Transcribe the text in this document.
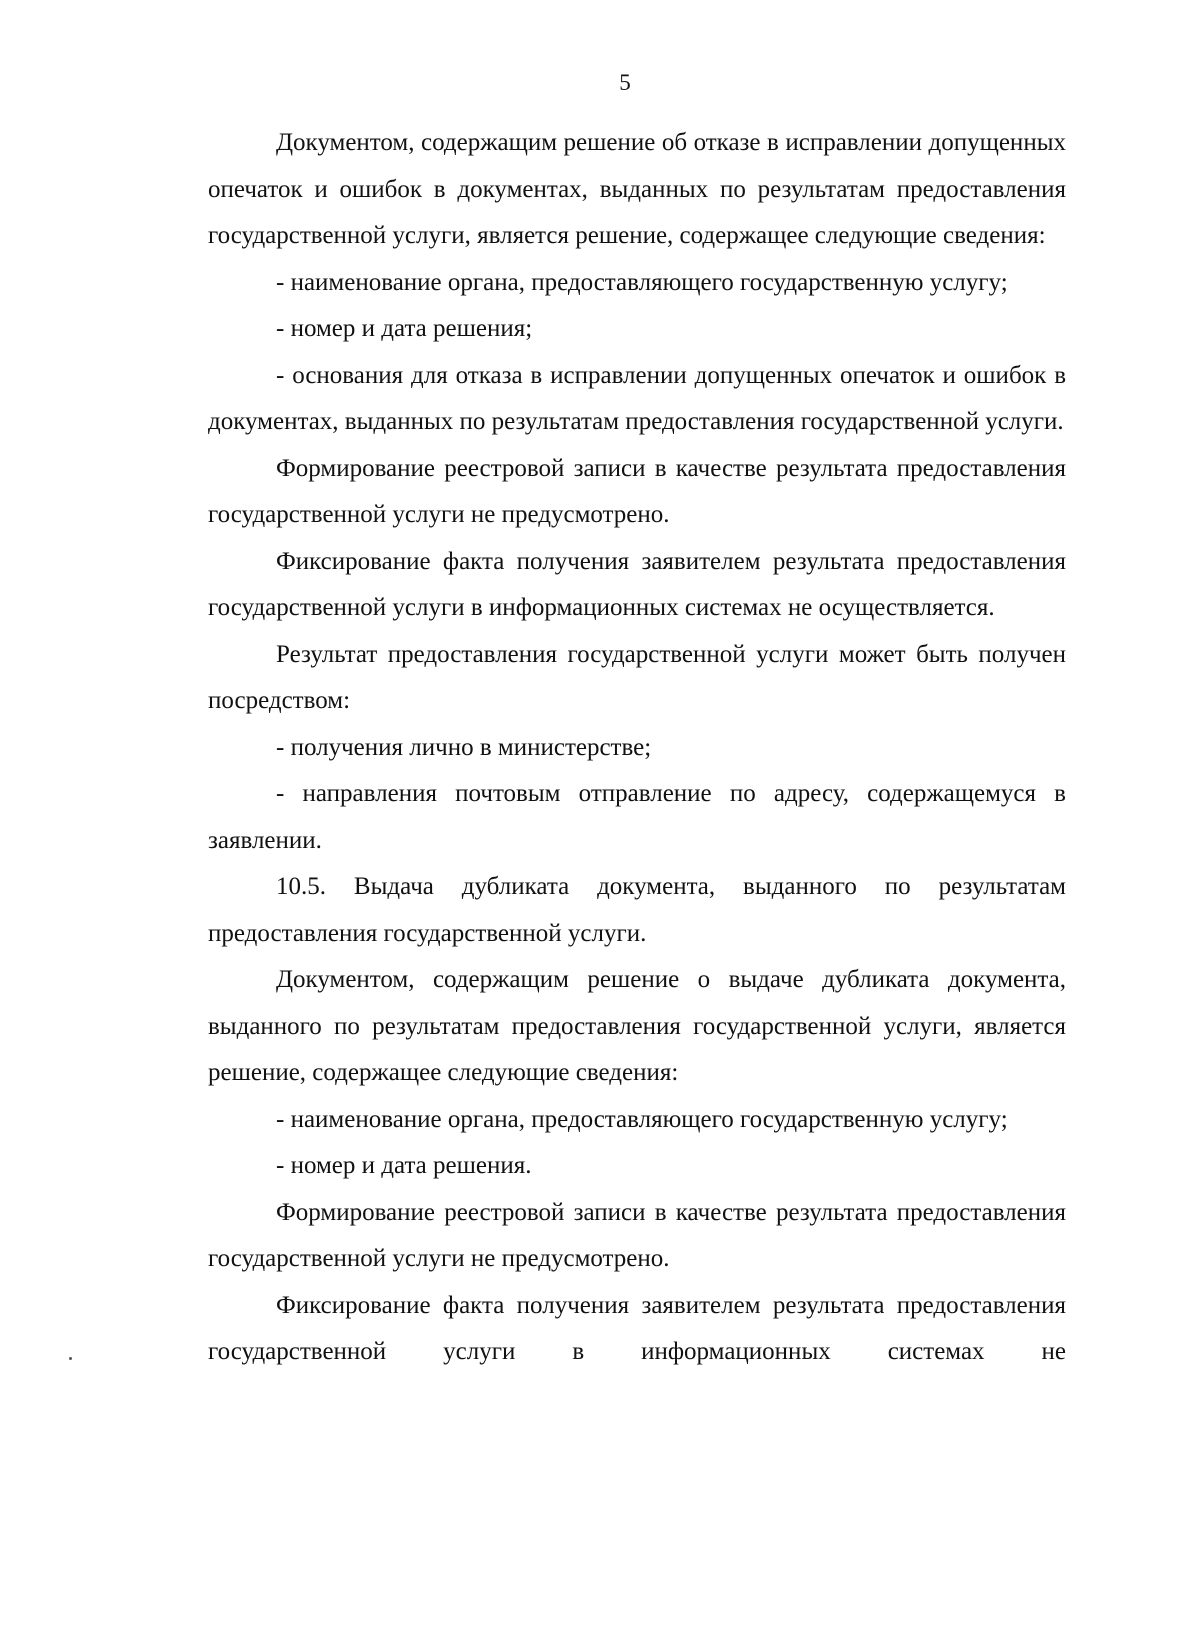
5

Документом, содержащим решение об отказе в исправлении допущенных опечаток и ошибок в документах, выданных по результатам предоставления государственной услуги, является решение, содержащее следующие сведения:

- наименование органа, предоставляющего государственную услугу;

- номер и дата решения;

- основания для отказа в исправлении допущенных опечаток и ошибок в документах, выданных по результатам предоставления государственной услуги.

Формирование реестровой записи в качестве результата предоставления государственной услуги не предусмотрено.

Фиксирование факта получения заявителем результата предоставления государственной услуги в информационных системах не осуществляется.

Результат предоставления государственной услуги может быть получен посредством:

- получения лично в министерстве;

- направления почтовым отправление по адресу, содержащемуся в заявлении.

10.5. Выдача дубликата документа, выданного по результатам предоставления государственной услуги.

Документом, содержащим решение о выдаче дубликата документа, выданного по результатам предоставления государственной услуги, является решение, содержащее следующие сведения:

- наименование органа, предоставляющего государственную услугу;

- номер и дата решения.

Формирование реестровой записи в качестве результата предоставления государственной услуги не предусмотрено.

Фиксирование факта получения заявителем результата предоставления государственной услуги в информационных системах не
